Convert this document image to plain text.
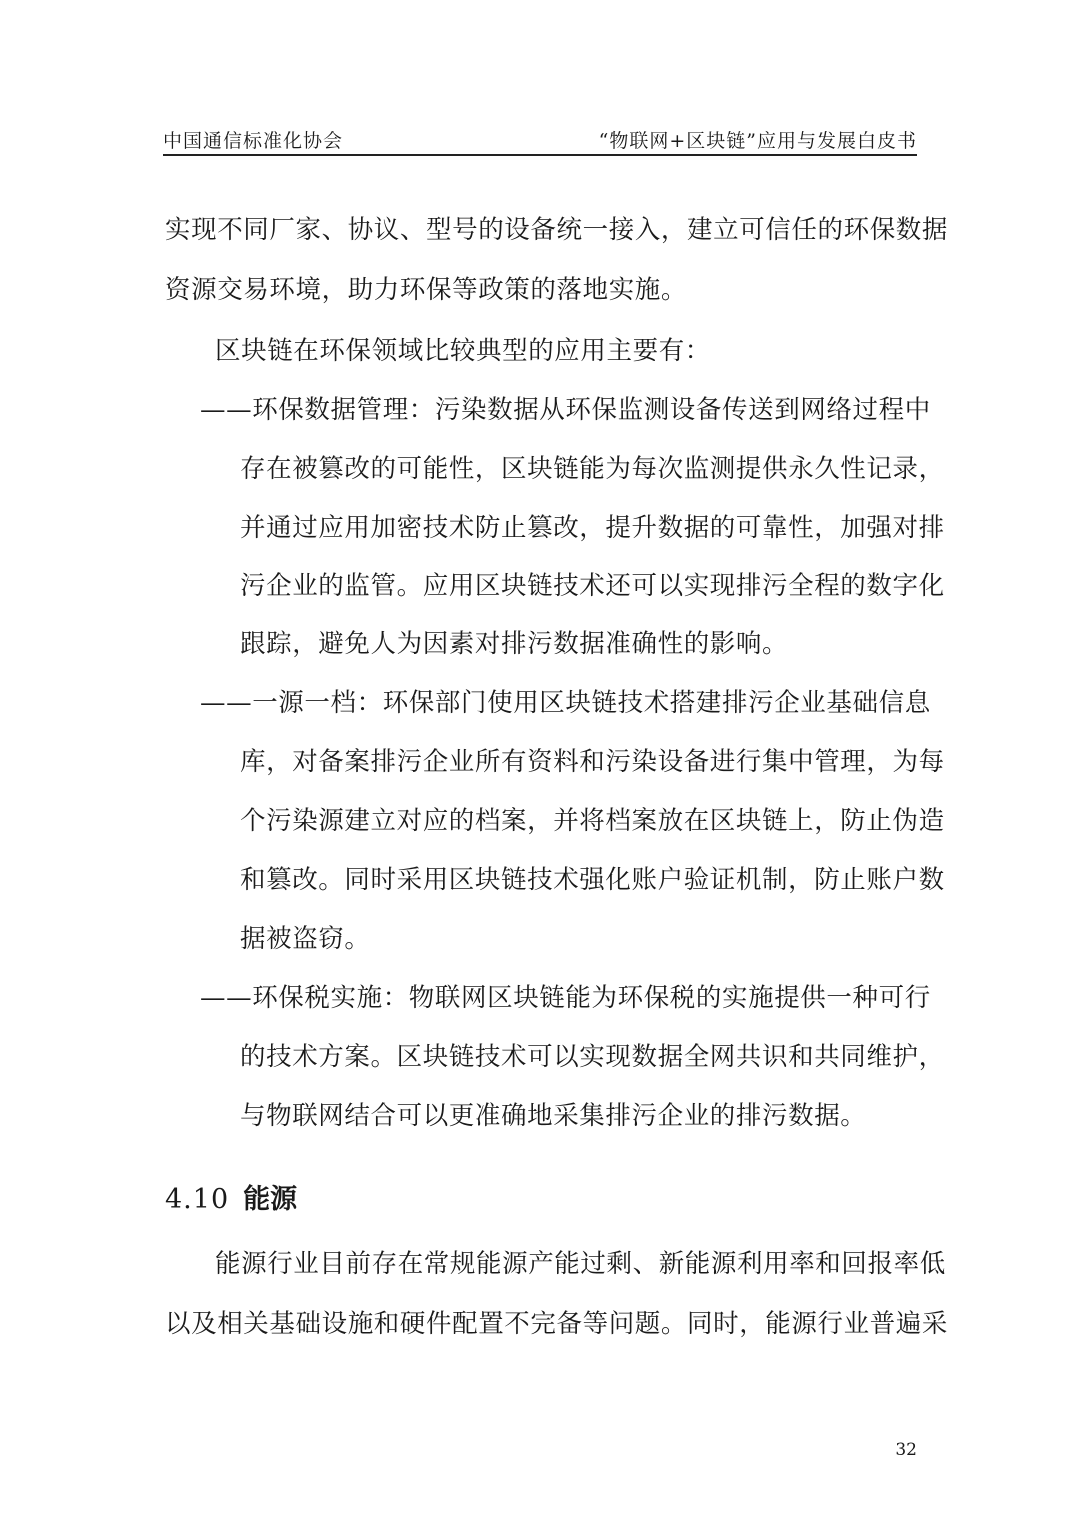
中国通信标准化协会	“物联网+区块链”应用与发展白皮书
实现不同厂家、协议、型号的设备统一接入，建立可信任的环保数据
资源交易环境，助力环保等政策的落地实施。
区块链在环保领域比较典型的应用主要有：
——环保数据管理：污染数据从环保监测设备传送到网络过程中
存在被篡改的可能性，区块链能为每次监测提供永久性记录，
并通过应用加密技术防止篡改，提升数据的可靠性，加强对排
污企业的监管。应用区块链技术还可以实现排污全程的数字化
跟踪，避免人为因素对排污数据准确性的影响。
——一源一档：环保部门使用区块链技术搭建排污企业基础信息
库，对备案排污企业所有资料和污染设备进行集中管理，为每
个污染源建立对应的档案，并将档案放在区块链上，防止伪造
和篡改。同时采用区块链技术强化账户验证机制，防止账户数
据被盗窃。
——环保税实施：物联网区块链能为环保税的实施提供一种可行
的技术方案。区块链技术可以实现数据全网共识和共同维护，
与物联网结合可以更准确地采集排污企业的排污数据。
4.10 能源
能源行业目前存在常规能源产能过剩、新能源利用率和回报率低
以及相关基础设施和硬件配置不完备等问题。同时，能源行业普遍采
32
